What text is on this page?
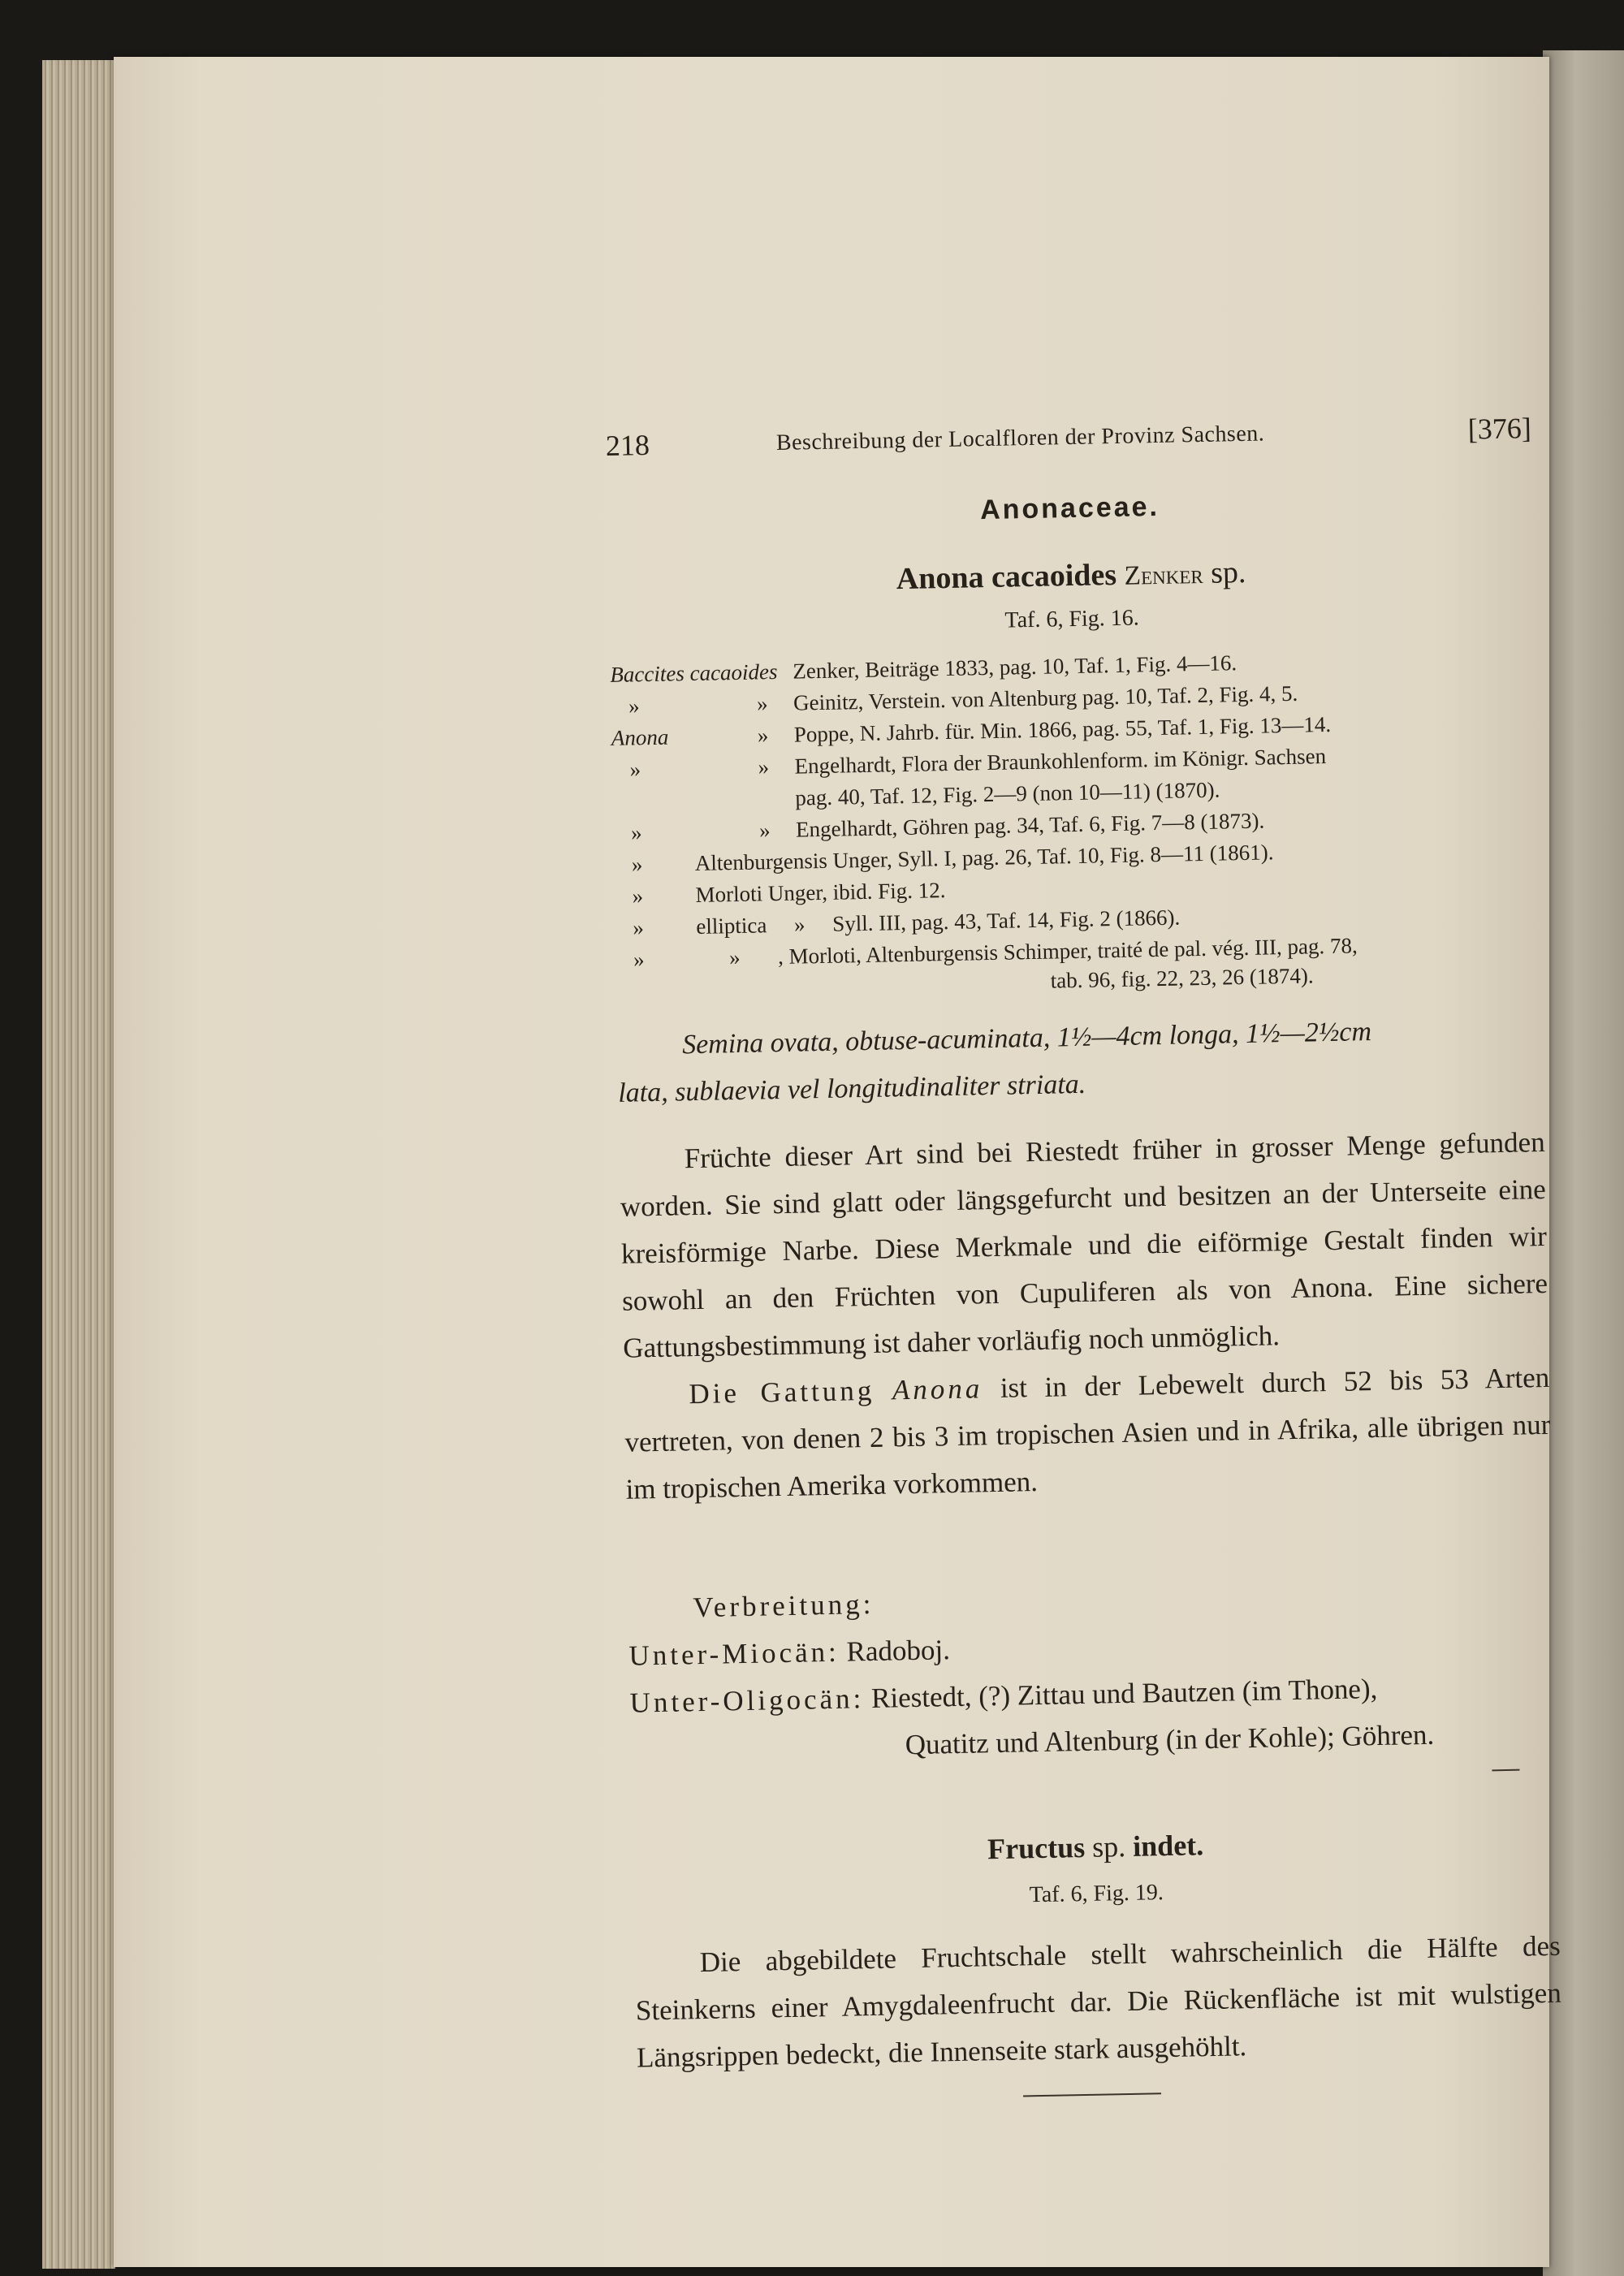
218	Beschreibung der Localfloren der Provinz Sachsen.	[376]
Anonaceae.
Anona cacaoides Zenker sp.
Taf. 6, Fig. 16.
Baccites cacaoides Zenker, Beiträge 1833, pag. 10, Taf. 1, Fig. 4—16.
»	» Geinitz, Verstein. von Altenburg pag. 10, Taf. 2, Fig. 4, 5.
Anona	» Poppe, N. Jahrb. für. Min. 1866, pag. 55, Taf. 1, Fig. 13—14.
»	» Engelhardt, Flora der Braunkohlenform. im Königr. Sachsen
pag. 40, Taf. 12, Fig. 2—9 (non 10—11) (1870).
»	» Engelhardt, Göhren pag. 34, Taf. 6, Fig. 7—8 (1873).
» Altenburgensis Unger, Syll. I, pag. 26, Taf. 10, Fig. 8—11 (1861).
» Morloti Unger, ibid. Fig. 12.
» elliptica     »     Syll. III, pag. 43, Taf. 14, Fig. 2 (1866).
»	» , Morloti, Altenburgensis Schimper, traité de pal. vég. III, pag. 78,
tab. 96, fig. 22, 23, 26 (1874).
Semina ovata, obtuse-acuminata, 1½—4cm longa, 1½—2½cm
lata, sublaevia vel longitudinaliter striata.

Früchte dieser Art sind bei Riestedt früher in grosser Menge gefunden worden. Sie sind glatt oder längsgefurcht und besitzen an der Unterseite eine kreisförmige Narbe. Diese Merkmale und die eiförmige Gestalt finden wir sowohl an den Früchten von Cupuliferen als von Anona. Eine sichere Gattungsbestimmung ist daher vorläufig noch unmöglich.

Die Gattung Anona ist in der Lebewelt durch 52 bis 53 Arten vertreten, von denen 2 bis 3 im tropischen Asien und in Afrika, alle übrigen nur im tropischen Amerika vorkommen.

Verbreitung:
Unter-Miocän: Radoboj.
Unter-Oligocän: Riestedt, (?) Zittau und Bautzen (im Thone),
Quatitz und Altenburg (in der Kohle); Göhren.
Fructus sp. indet.
Taf. 6, Fig. 19.

Die abgebildete Fruchtschale stellt wahrscheinlich die Hälfte des Steinkerns einer Amygdaleenfrucht dar. Die Rückenfläche ist mit wulstigen Längsrippen bedeckt, die Innenseite stark ausgehöhlt.
